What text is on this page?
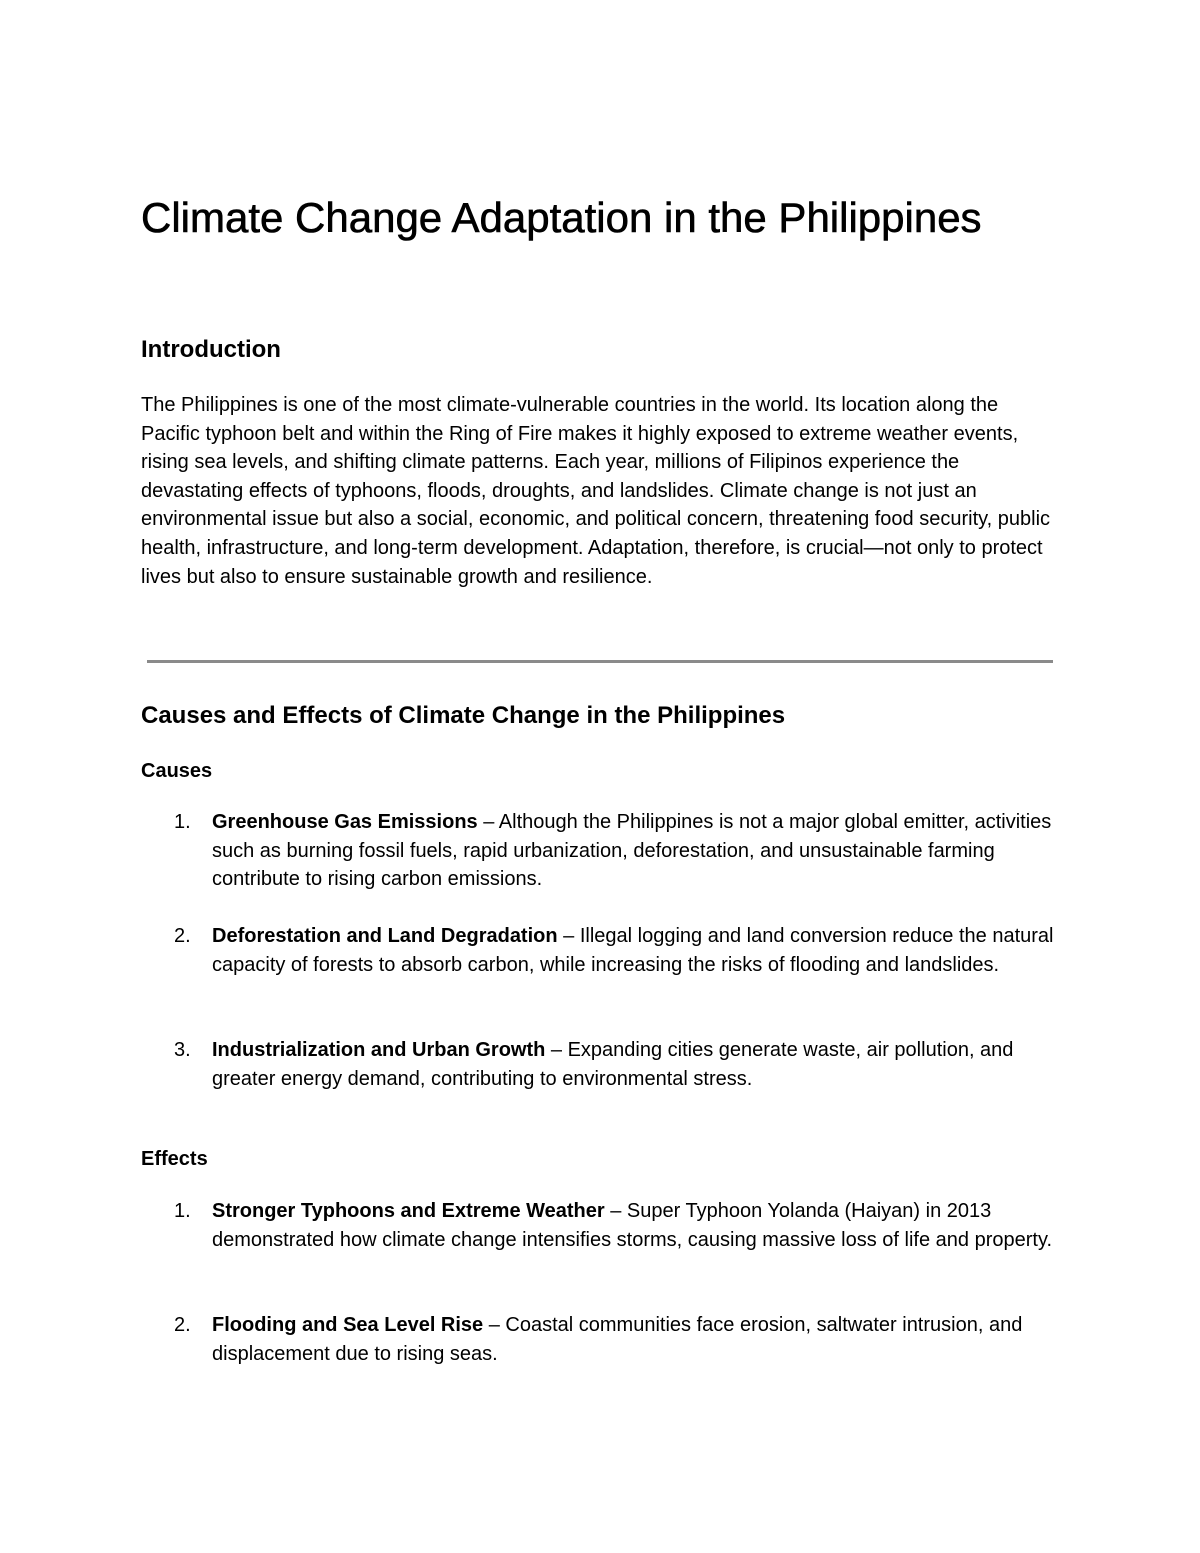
Climate Change Adaptation in the Philippines
Introduction

The Philippines is one of the most climate-vulnerable countries in the world. Its location along the Pacific typhoon belt and within the Ring of Fire makes it highly exposed to extreme weather events, rising sea levels, and shifting climate patterns. Each year, millions of Filipinos experience the devastating effects of typhoons, floods, droughts, and landslides. Climate change is not just an environmental issue but also a social, economic, and political concern, threatening food security, public health, infrastructure, and long-term development. Adaptation, therefore, is crucial—not only to protect lives but also to ensure sustainable growth and resilience.

Causes and Effects of Climate Change in the Philippines
Causes
1. Greenhouse Gas Emissions – Although the Philippines is not a major global emitter, activities such as burning fossil fuels, rapid urbanization, deforestation, and unsustainable farming contribute to rising carbon emissions.
2. Deforestation and Land Degradation – Illegal logging and land conversion reduce the natural capacity of forests to absorb carbon, while increasing the risks of flooding and landslides.
3. Industrialization and Urban Growth – Expanding cities generate waste, air pollution, and greater energy demand, contributing to environmental stress.
Effects
1. Stronger Typhoons and Extreme Weather – Super Typhoon Yolanda (Haiyan) in 2013 demonstrated how climate change intensifies storms, causing massive loss of life and property.
2. Flooding and Sea Level Rise – Coastal communities face erosion, saltwater intrusion, and displacement due to rising seas.
